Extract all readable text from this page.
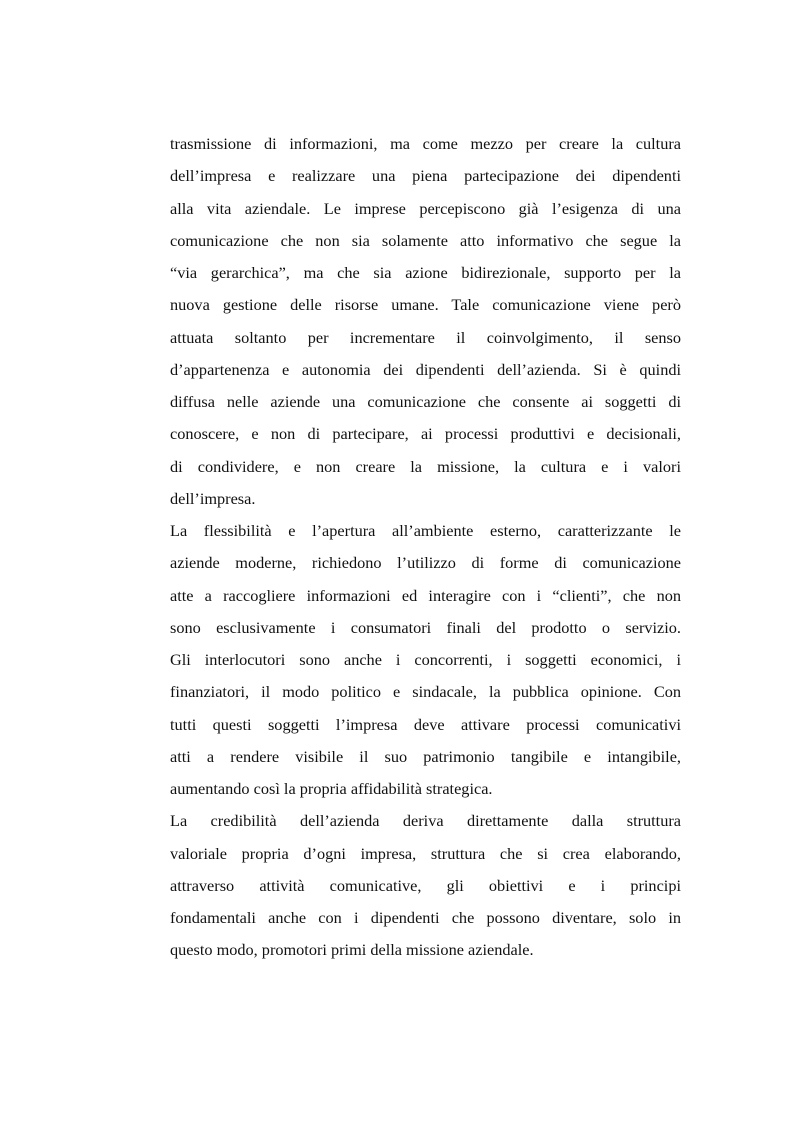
trasmissione di informazioni, ma come mezzo per creare la cultura
dell’impresa e realizzare una piena partecipazione dei dipendenti
alla vita aziendale. Le imprese percepiscono già l’esigenza di una
comunicazione che non sia solamente atto informativo che segue la
“via gerarchica”, ma che sia azione bidirezionale, supporto per la
nuova gestione delle risorse umane. Tale comunicazione viene però
attuata soltanto per incrementare il coinvolgimento, il senso
d’appartenenza e autonomia dei dipendenti dell’azienda. Si è quindi
diffusa nelle aziende una comunicazione che consente ai soggetti di
conoscere, e non di partecipare, ai processi produttivi e decisionali,
di condividere, e non creare la missione, la cultura e i valori
dell’impresa.
La flessibilità e l’apertura all’ambiente esterno, caratterizzante le
aziende moderne, richiedono l’utilizzo di forme di comunicazione
atte a raccogliere informazioni ed interagire con i “clienti”, che non
sono esclusivamente i consumatori finali del prodotto o servizio.
Gli interlocutori sono anche i concorrenti, i soggetti economici, i
finanziatori, il modo politico e sindacale, la pubblica opinione. Con
tutti questi soggetti l’impresa deve attivare processi comunicativi
atti a rendere visibile il suo patrimonio tangibile e intangibile,
aumentando così la propria affidabilità strategica.
La credibilità dell’azienda deriva direttamente dalla struttura
valoriale propria d’ogni impresa, struttura che si crea elaborando,
attraverso attività comunicative, gli obiettivi e i principi
fondamentali anche con i dipendenti che possono diventare, solo in
questo modo, promotori primi della missione aziendale.
